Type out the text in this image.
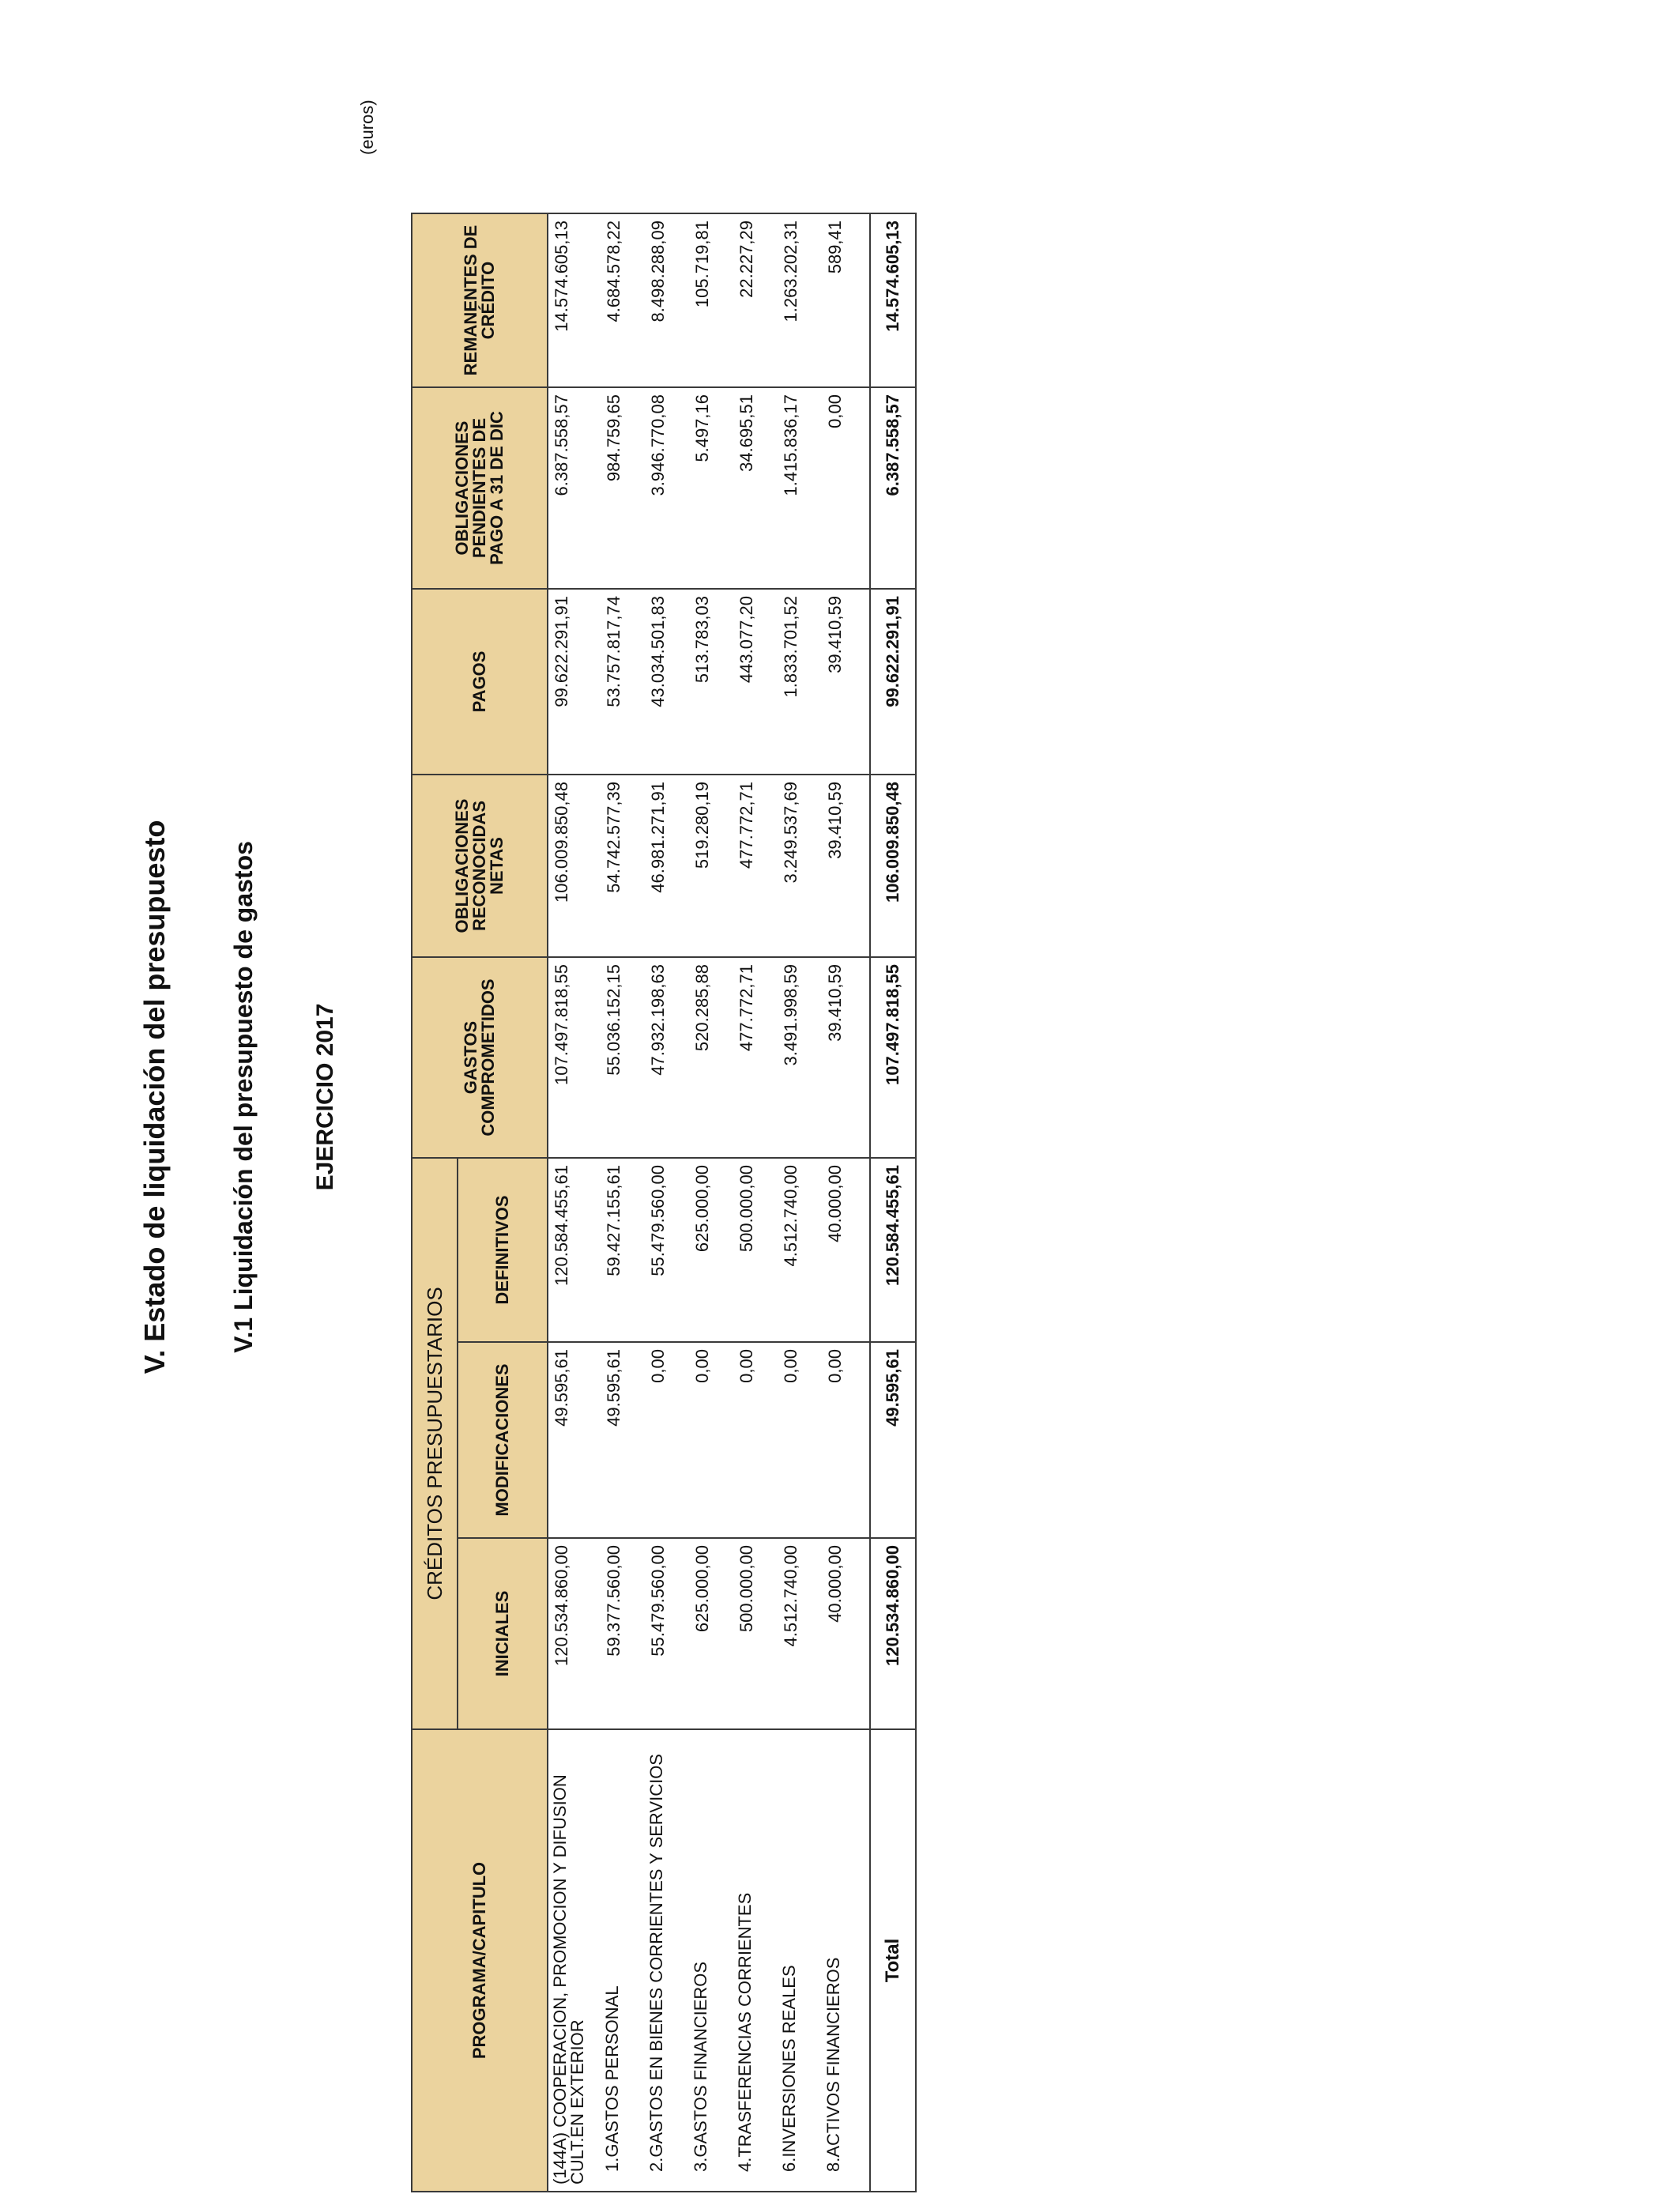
V. Estado de liquidación del presupuesto V.1 Liquidación del presupuesto de gastos EJERCICIO 2017
(euros)
PROGRAMA/CAPITULO	CRÉDITOS PRESUPUESTARIOS			GASTOS COMPROMETIDOS	OBLIGACIONES RECONOCIDAS NETAS	PAGOS	OBLIGACIONES PENDIENTES DE PAGO A 31 DE DIC	REMANENTES DE CRÉDITO
	INICIALES	MODIFICACIONES	DEFINITIVOS					
(144A) COOPERACION, PROMOCION Y DIFUSION CULT.EN EXTERIOR	120.534.860,00	49.595,61	120.584.455,61	107.497.818,55	106.009.850,48	99.622.291,91	6.387.558,57	14.574.605,13
1.GASTOS PERSONAL	59.377.560,00	49.595,61	59.427.155,61	55.036.152,15	54.742.577,39	53.757.817,74	984.759,65	4.684.578,22
2.GASTOS EN BIENES CORRIENTES Y SERVICIOS	55.479.560,00	0,00	55.479.560,00	47.932.198,63	46.981.271,91	43.034.501,83	3.946.770,08	8.498.288,09
3.GASTOS FINANCIEROS	625.000,00	0,00	625.000,00	520.285,88	519.280,19	513.783,03	5.497,16	105.719,81
4.TRASFERENCIAS CORRIENTES	500.000,00	0,00	500.000,00	477.772,71	477.772,71	443.077,20	34.695,51	22.227,29
6.INVERSIONES REALES	4.512.740,00	0,00	4.512.740,00	3.491.998,59	3.249.537,69	1.833.701,52	1.415.836,17	1.263.202,31
8.ACTIVOS FINANCIEROS	40.000,00	0,00	40.000,00	39.410,59	39.410,59	39.410,59	0,00	589,41
Total	120.534.860,00	49.595,61	120.584.455,61	107.497.818,55	106.009.850,48	99.622.291,91	6.387.558,57	14.574.605,13
